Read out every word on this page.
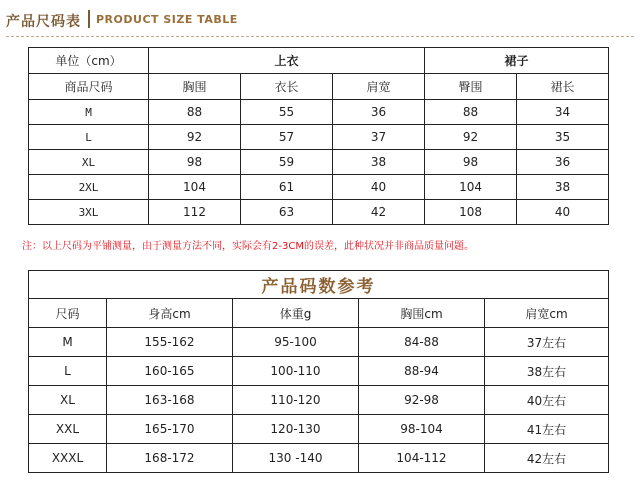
产品尺码表 PRODUCT SIZE TABLE
单位（cm）	上衣			裙子	
商品尺码	胸围	衣长	肩宽	臀围	裙长
M	88	55	36	88	34
L	92	57	37	92	35
XL	98	59	38	98	36
2XL	104	61	40	104	38
3XL	112	63	42	108	40
注：以上尺码为平铺测量，由于测量方法不同，实际会有2-3CM的误差，此种状况并非商品质量问题。
产品码数参考				
尺码	身高cm	体重g	胸围cm	肩宽cm
M	155-162	95-100	84-88	37左右
L	160-165	100-110	88-94	38左右
XL	163-168	110-120	92-98	40左右
XXL	165-170	120-130	98-104	41左右
XXXL	168-172	130 -140	104-112	42左右
